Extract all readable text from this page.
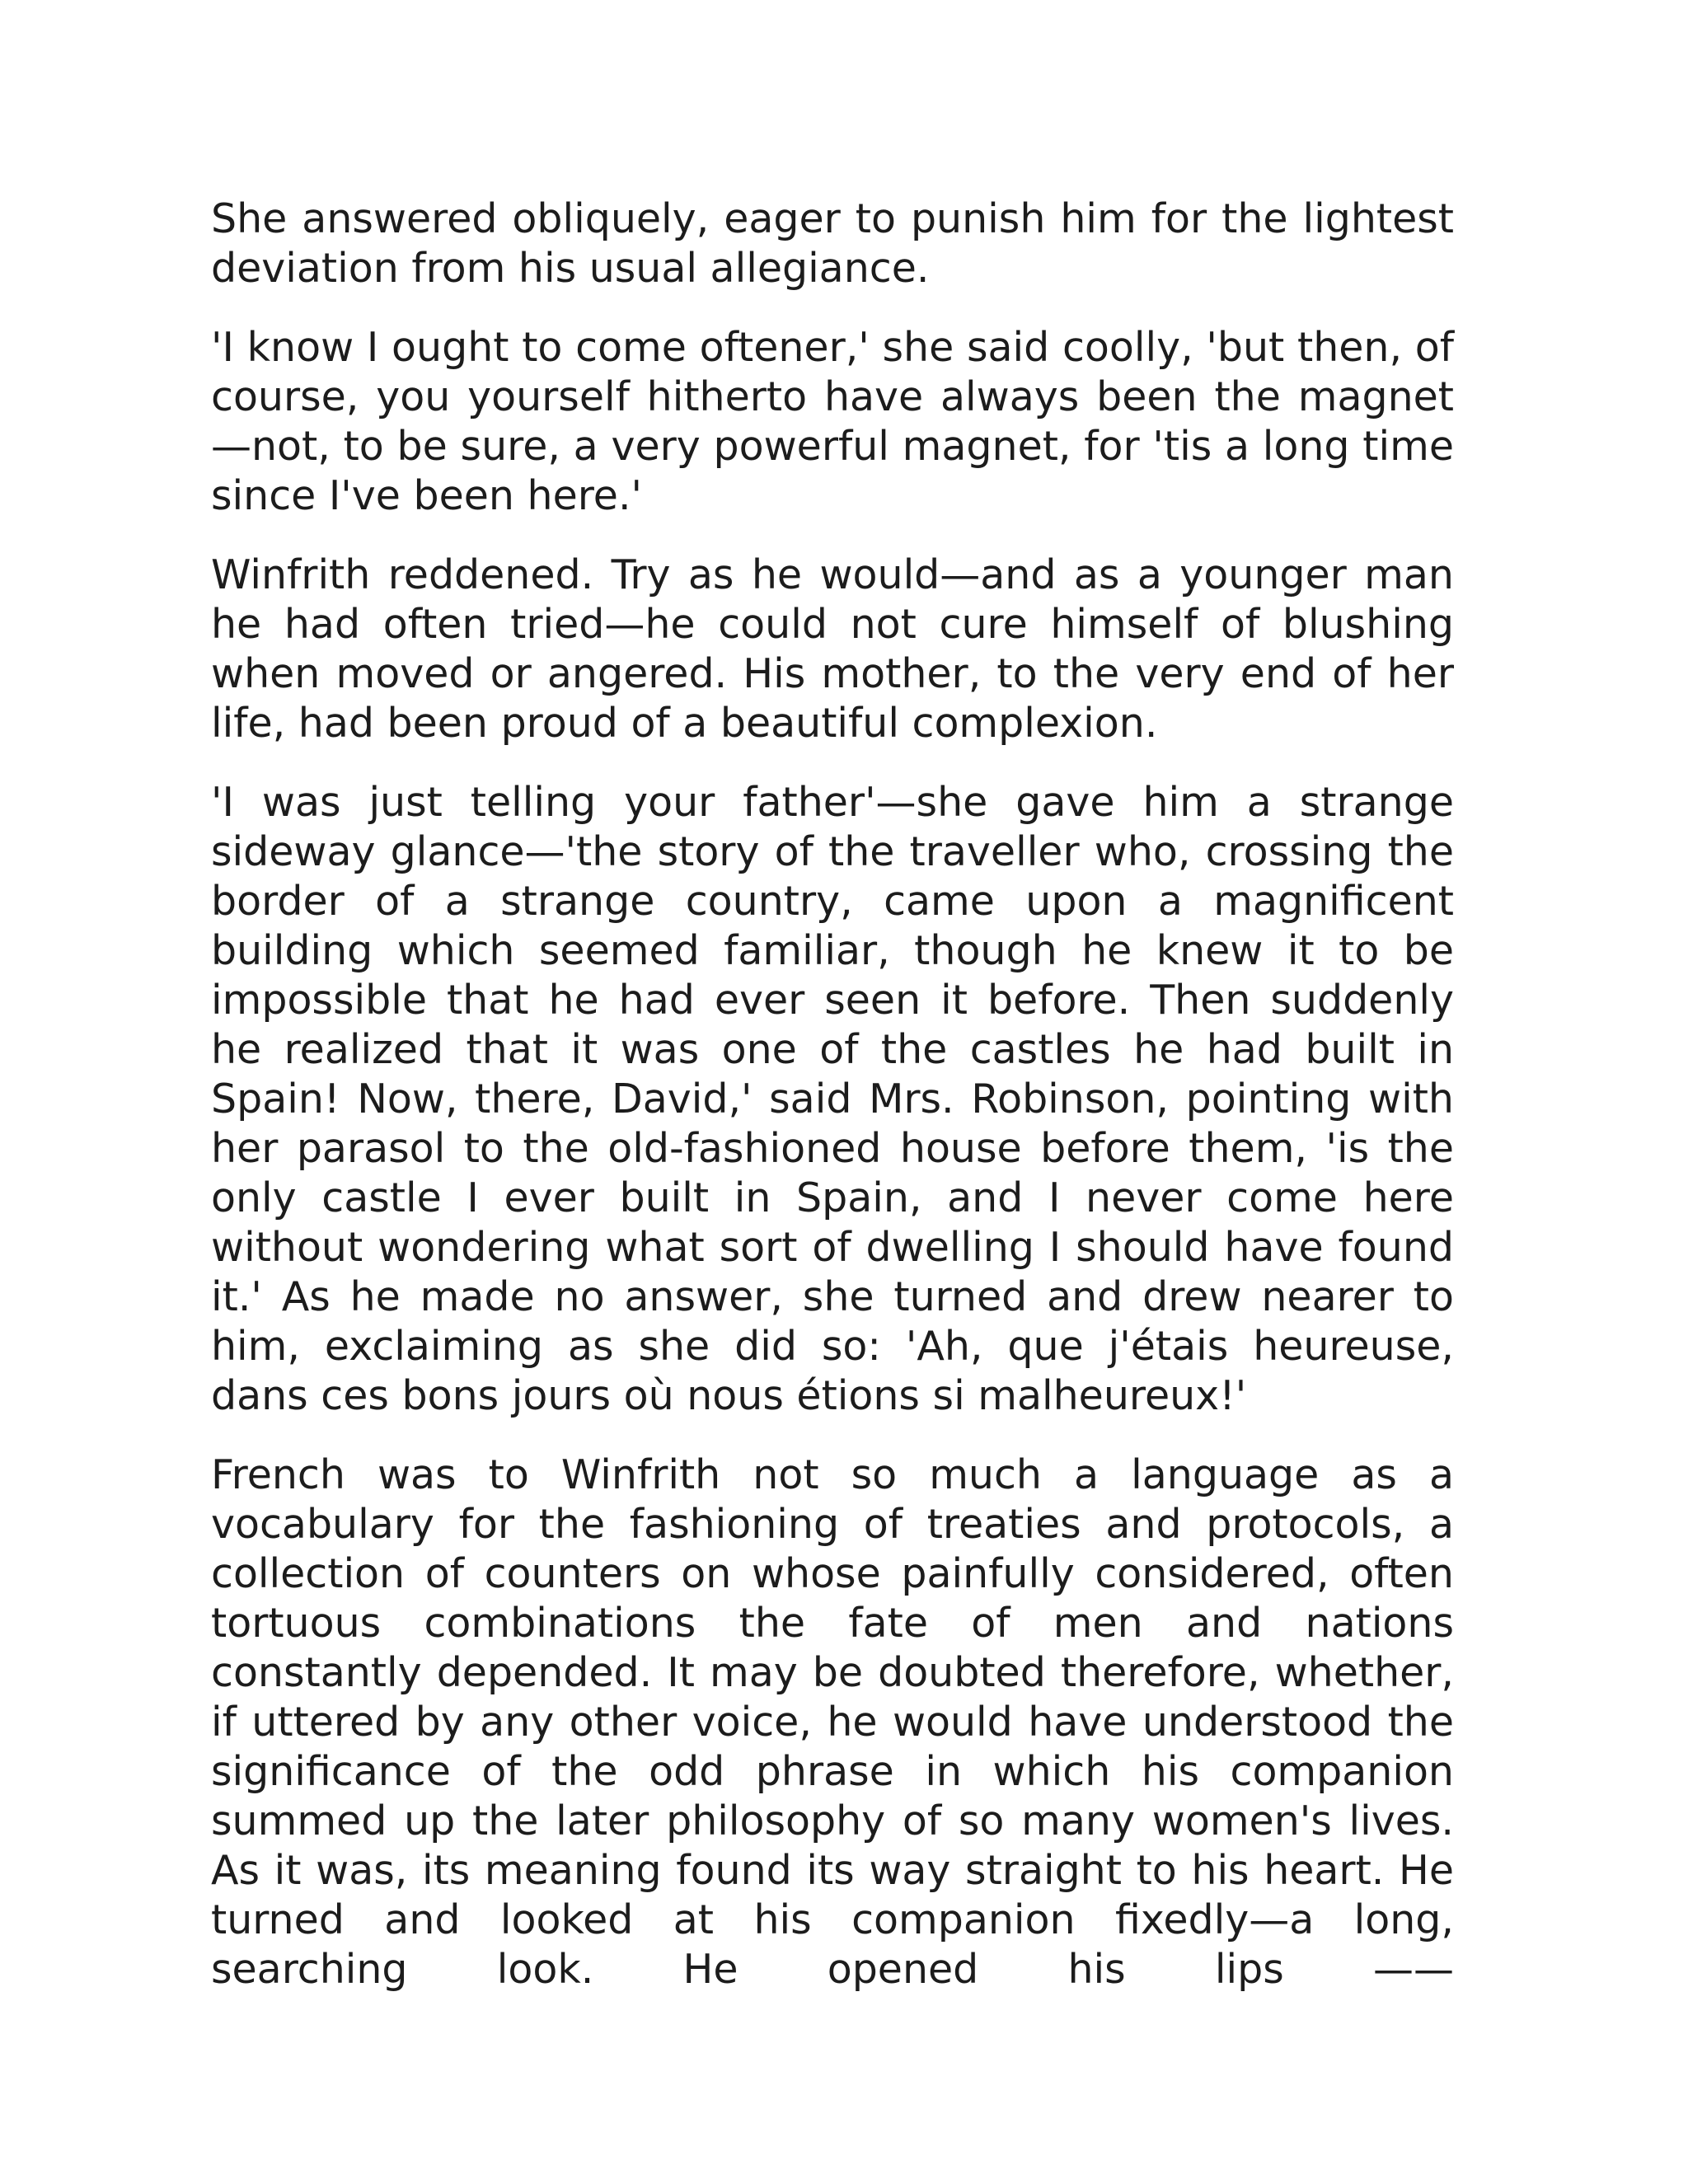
She answered obliquely, eager to punish him for the lightest deviation from his usual allegiance.

'I know I ought to come oftener,' she said coolly, 'but then, of course, you yourself hitherto have always been the magnet—not, to be sure, a very powerful magnet, for 'tis a long time since I've been here.'

Winfrith reddened. Try as he would—and as a younger man he had often tried—he could not cure himself of blushing when moved or angered. His mother, to the very end of her life, had been proud of a beautiful complexion.

'I was just telling your father'—she gave him a strange sideway glance—'the story of the traveller who, crossing the border of a strange country, came upon a magnificent building which seemed familiar, though he knew it to be impossible that he had ever seen it before. Then suddenly he realized that it was one of the castles he had built in Spain! Now, there, David,' said Mrs. Robinson, pointing with her parasol to the old-fashioned house before them, 'is the only castle I ever built in Spain, and I never come here without wondering what sort of dwelling I should have found it.' As he made no answer, she turned and drew nearer to him, exclaiming as she did so: 'Ah, que j'étais heureuse, dans ces bons jours où nous étions si malheureux!'

French was to Winfrith not so much a language as a vocabulary for the fashioning of treaties and protocols, a collection of counters on whose painfully considered, often tortuous combinations the fate of men and nations constantly depended. It may be doubted therefore, whether, if uttered by any other voice, he would have understood the significance of the odd phrase in which his companion summed up the later philosophy of so many women's lives. As it was, its meaning found its way straight to his heart. He turned and looked at his companion fixedly—a long, searching look. He opened his lips ——
